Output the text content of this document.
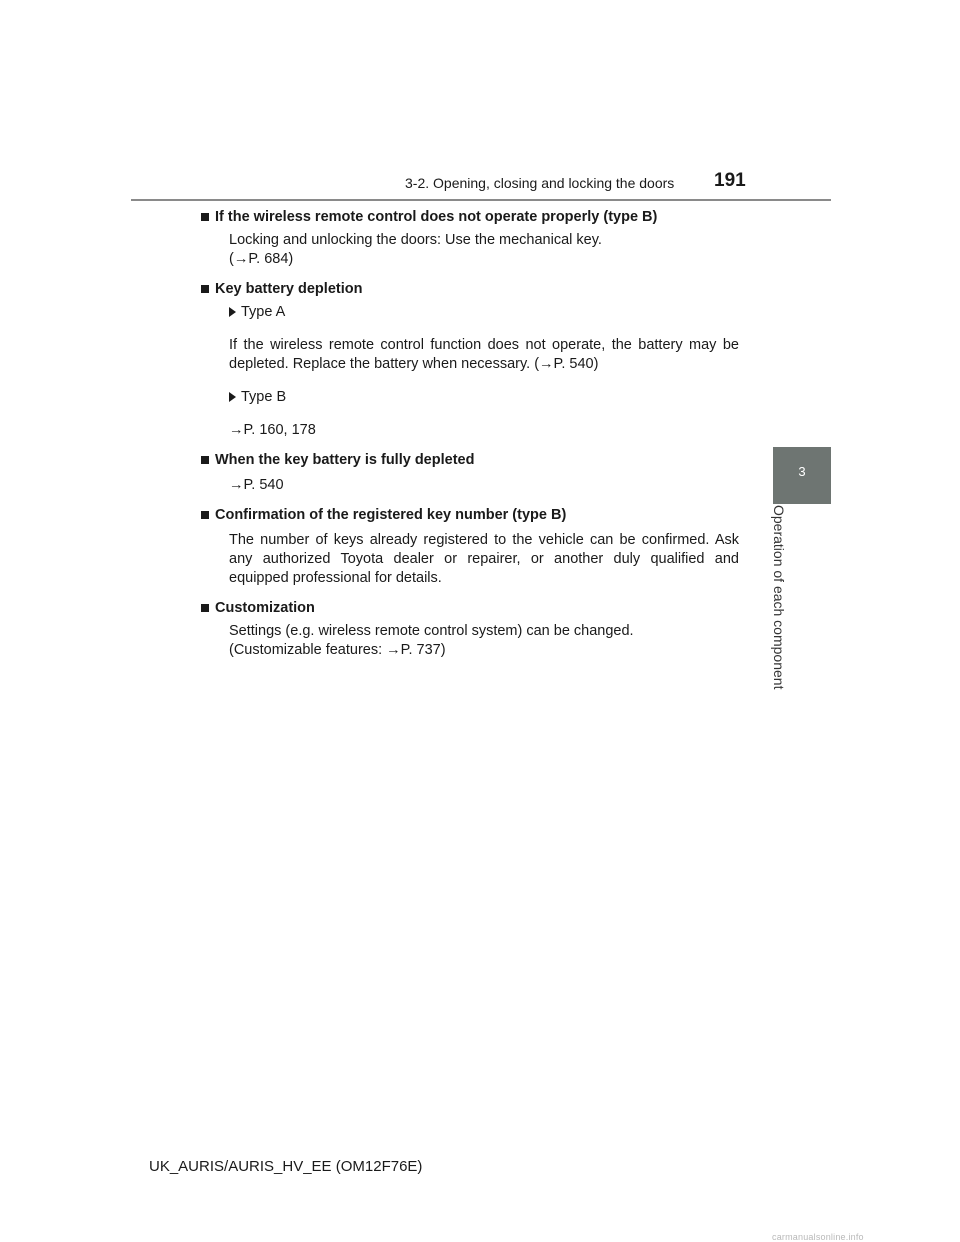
3-2. Opening, closing and locking the doors 191
3
Operation of each component
If the wireless remote control does not operate properly (type B)
Locking and unlocking the doors: Use the mechanical key.
(→P. 684)
Key battery depletion
Type A
If the wireless remote control function does not operate, the battery may be depleted. Replace the battery when necessary. (→P. 540)
Type B
→P. 160, 178
When the key battery is fully depleted
→P. 540
Confirmation of the registered key number (type B)
The number of keys already registered to the vehicle can be confirmed. Ask any authorized Toyota dealer or repairer, or another duly qualified and equipped professional for details.
Customization
Settings (e.g. wireless remote control system) can be changed.
(Customizable features: →P. 737)
UK_AURIS/AURIS_HV_EE (OM12F76E)
carmanualsonline.info
